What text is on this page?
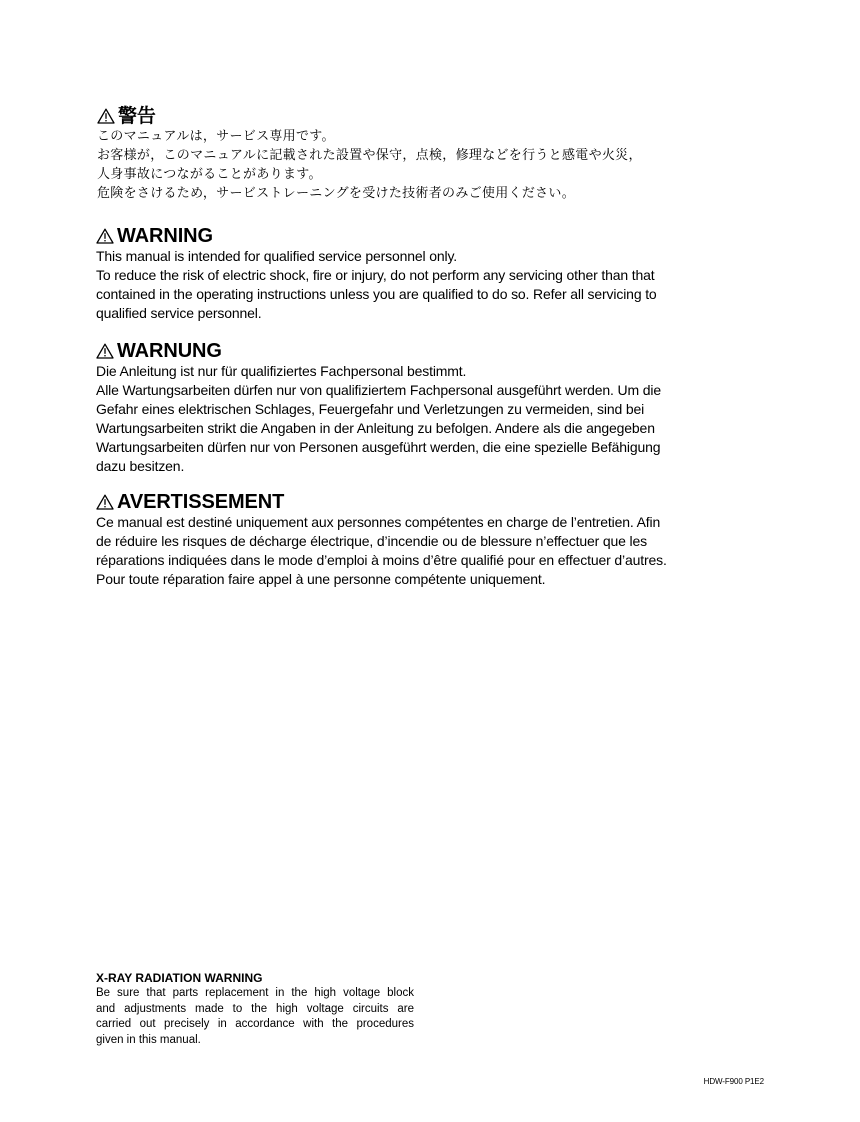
警告

このマニュアルは，サービス専用です。

お客様が，このマニュアルに記載された設置や保守，点検，修理などを行うと感電や火災，

人身事故につながることがあります。

危険をさけるため，サービストレーニングを受けた技術者のみご使用ください。

WARNING

This manual is intended for qualified service personnel only.

To reduce the risk of electric shock, fire or injury, do not perform any servicing other than that

contained in the operating instructions unless you are qualified to do so. Refer all servicing to

qualified service personnel.

WARNUNG

Die Anleitung ist nur für qualifiziertes Fachpersonal bestimmt.

Alle Wartungsarbeiten dürfen nur von qualifiziertem Fachpersonal ausgeführt werden. Um die

Gefahr eines elektrischen Schlages, Feuergefahr und Verletzungen zu vermeiden, sind bei

Wartungsarbeiten strikt die Angaben in der Anleitung zu befolgen. Andere als die angegeben

Wartungsarbeiten dürfen nur von Personen ausgeführt werden, die eine spezielle Befähigung

dazu besitzen.

AVERTISSEMENT

Ce manual est destiné uniquement aux personnes compétentes en charge de l’entretien. Afin

de réduire les risques de décharge électrique, d’incendie ou de blessure n’effectuer que les

réparations indiquées dans le mode d’emploi à moins d’être qualifié pour en effectuer d’autres.

Pour toute réparation faire appel à une personne compétente uniquement.

X-RAY RADIATION WARNING

Be sure that parts replacement in the high voltage block

and adjustments made to the high voltage circuits are

carried out precisely in accordance with the procedures

given in this manual.

HDW-F900 P1E2
